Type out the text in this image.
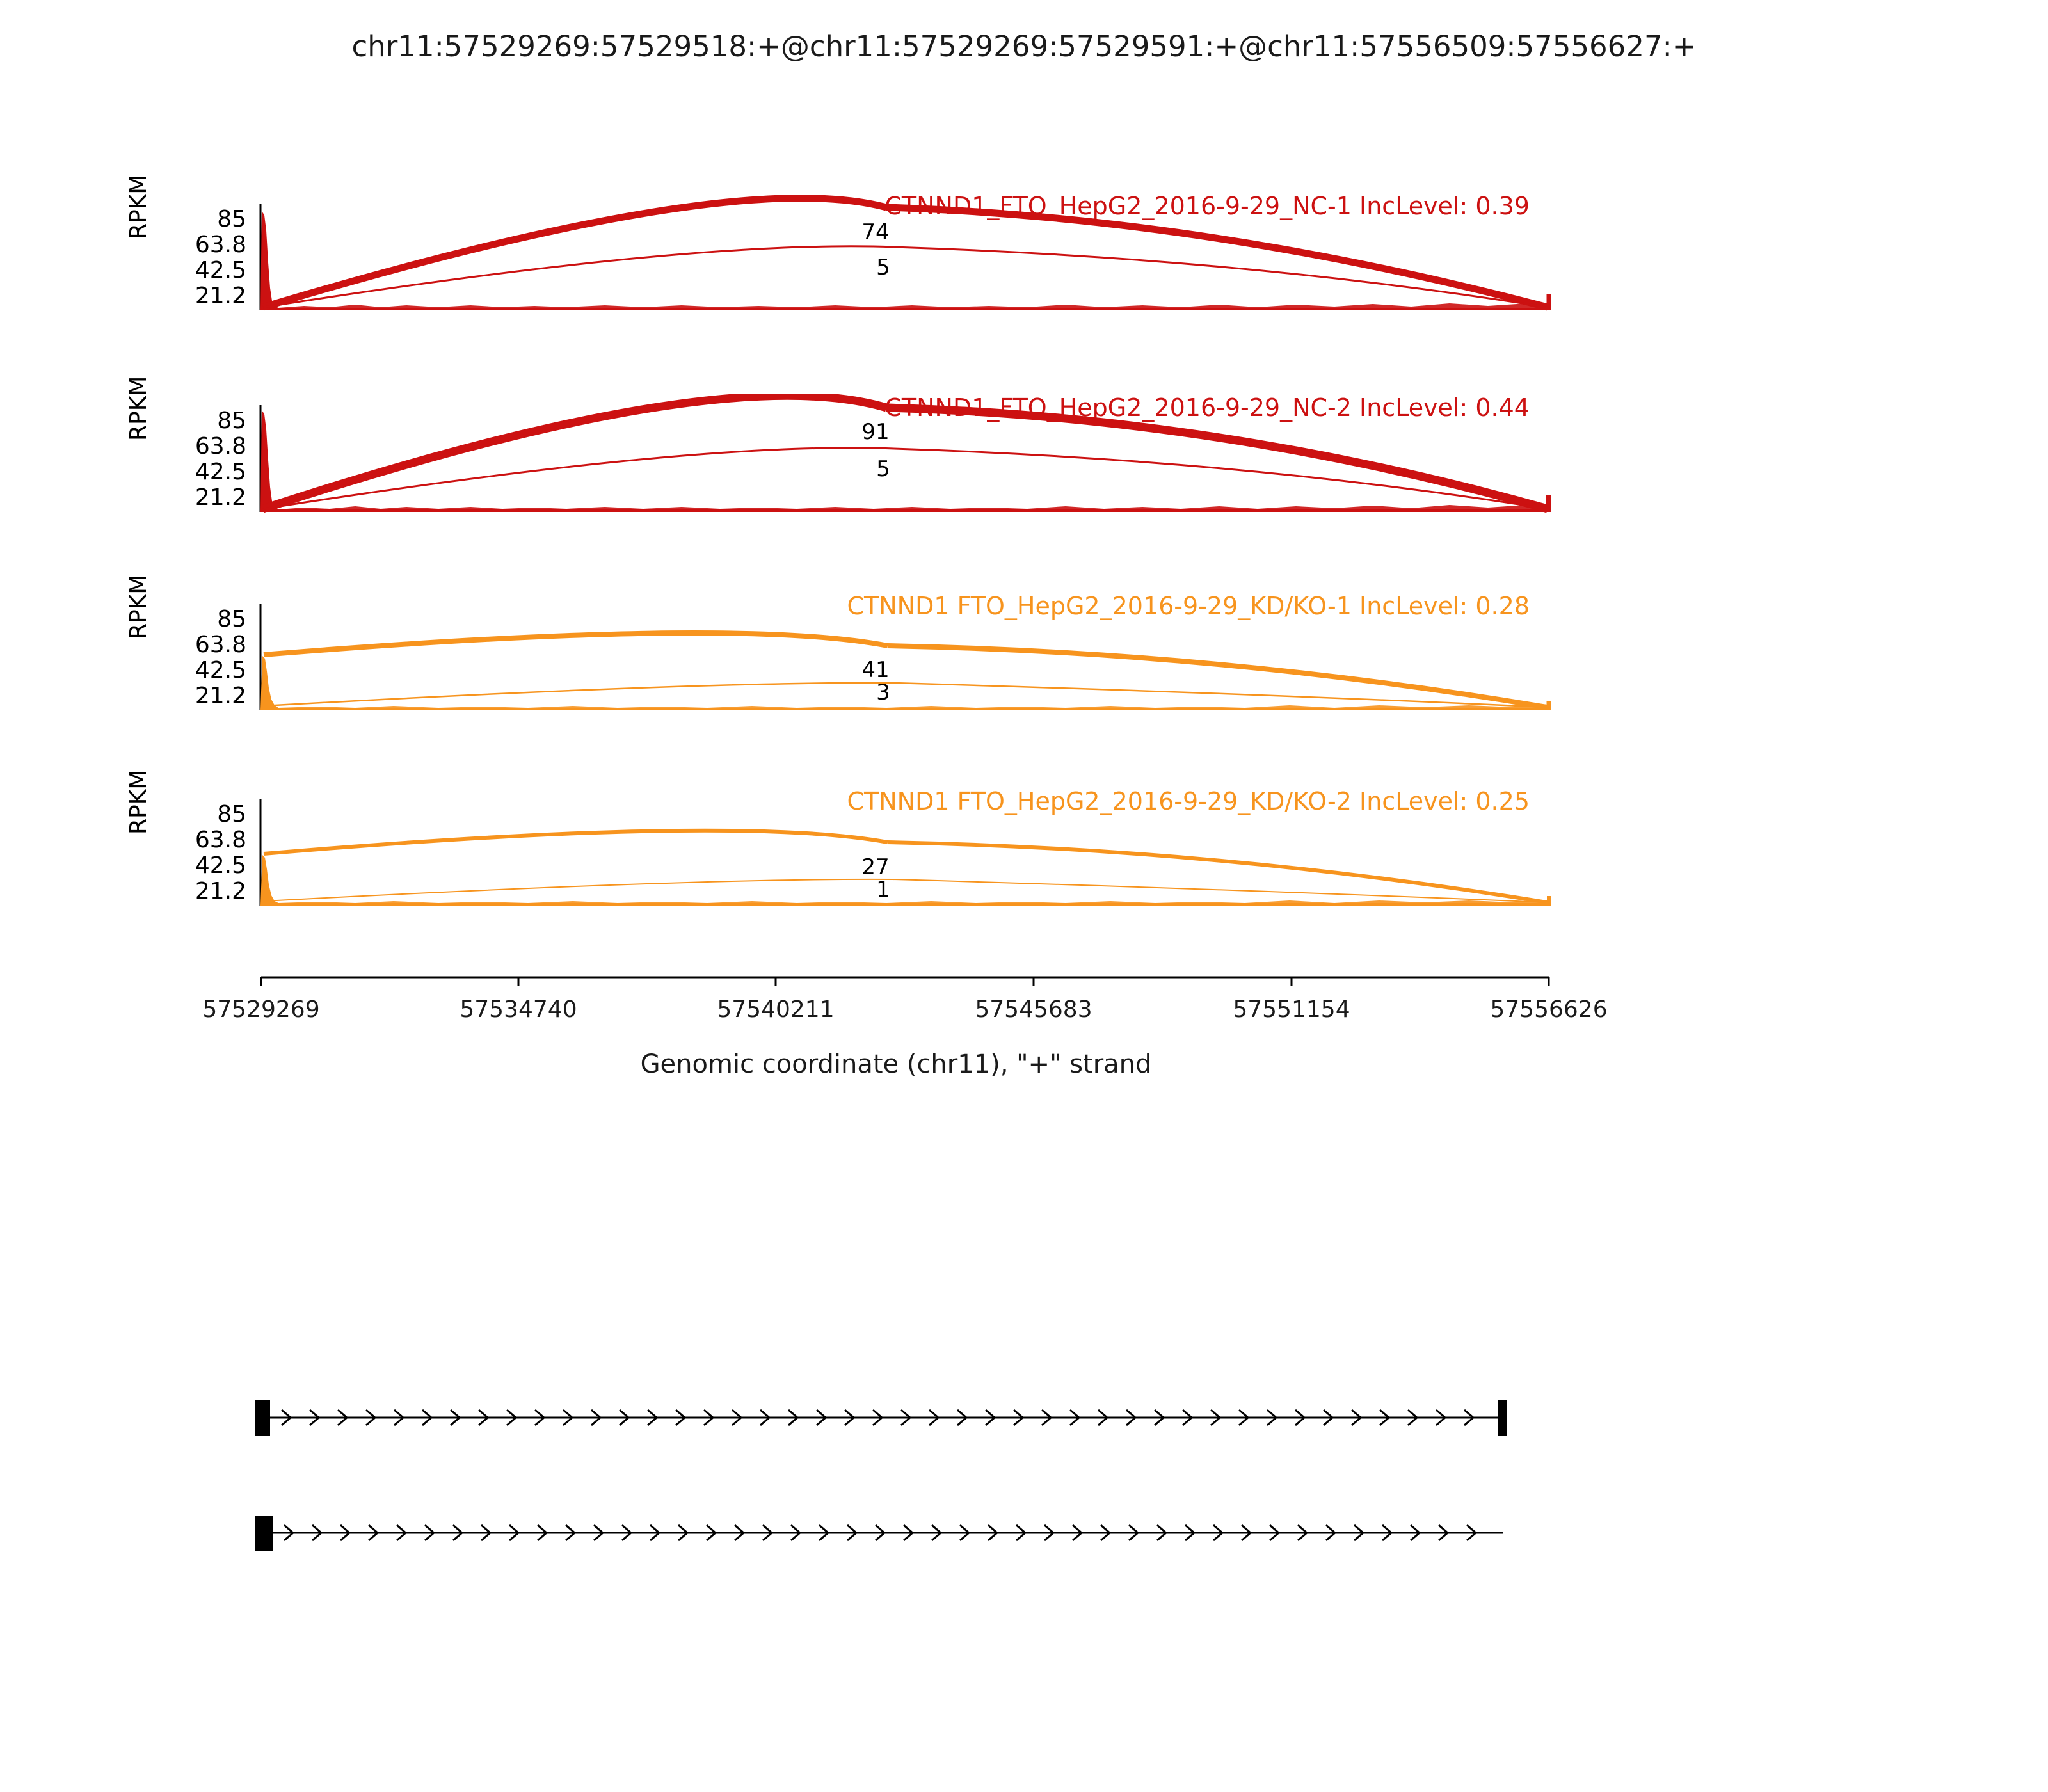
chr11:57529269:57529518:+@chr11:57529269:57529591:+@chr11:57556509:57556627:+
CTNND1_FTO_HepG2_2016-9-29_NC-1 IncLevel: 0.39
RPKM	85
63.8
42.5
21.2
74
5
CTNND1_FTO_HepG2_2016-9-29_NC-2 IncLevel: 0.44
RPKM	85
63.8
42.5
21.2
91
5
CTNND1 FTO_HepG2_2016-9-29_KD/KO-1 IncLevel: 0.28
RPKM	85
63.8
42.5
21.2
41
3
CTNND1 FTO_HepG2_2016-9-29_KD/KO-2 IncLevel: 0.25
RPKM	85
63.8
42.5
21.2
27
1
57529269	57534740	57540211	57545683	57551154	57556626
Genomic coordinate (chr11), "+" strand
